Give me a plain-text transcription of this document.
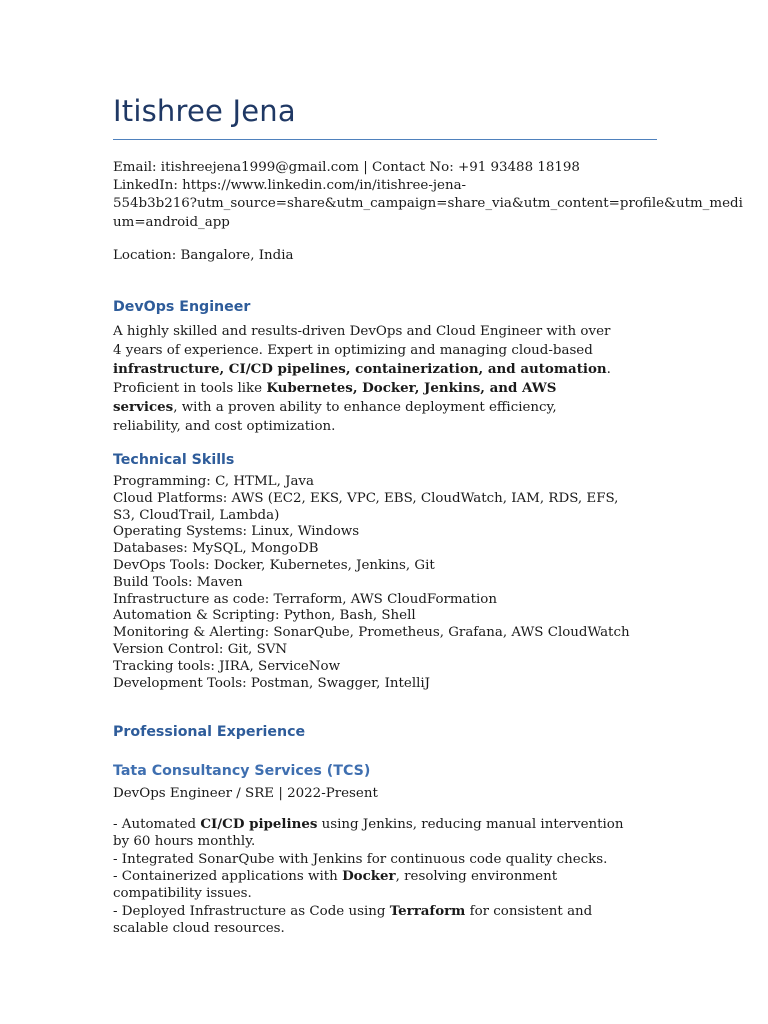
Itishree Jena

Email: itishreejena1999@gmail.com | Contact No: +91 93488 18198

LinkedIn: https://www.linkedin.com/in/itishree-jena-

554b3b216?utm_source=share&utm_campaign=share_via&utm_content=profile&utm_medi

um=android_app

Location: Bangalore, India

DevOps Engineer

A highly skilled and results-driven DevOps and Cloud Engineer with over 4 years of experience. Expert in optimizing and managing cloud-based infrastructure, CI/CD pipelines, containerization, and automation. Proficient in tools like Kubernetes, Docker, Jenkins, and AWS services, with a proven ability to enhance deployment efficiency, reliability, and cost optimization.

Technical Skills
Programming: C, HTML, Java
Cloud Platforms: AWS (EC2, EKS, VPC, EBS, CloudWatch, IAM, RDS, EFS, S3, CloudTrail, Lambda)
Operating Systems: Linux, Windows
Databases: MySQL, MongoDB
DevOps Tools: Docker, Kubernetes, Jenkins, Git
Build Tools: Maven
Infrastructure as code: Terraform, AWS CloudFormation
Automation & Scripting: Python, Bash, Shell
Monitoring & Alerting: SonarQube, Prometheus, Grafana, AWS CloudWatch
Version Control: Git, SVN
Tracking tools: JIRA, ServiceNow
Development Tools: Postman, Swagger, IntelliJ
Professional Experience
Tata Consultancy Services (TCS)

DevOps Engineer / SRE | 2022-Present

- Automated CI/CD pipelines using Jenkins, reducing manual intervention by 60 hours monthly.
- Integrated SonarQube with Jenkins for continuous code quality checks.
- Containerized applications with Docker, resolving environment compatibility issues.
- Deployed Infrastructure as Code using Terraform for consistent and scalable cloud resources.
